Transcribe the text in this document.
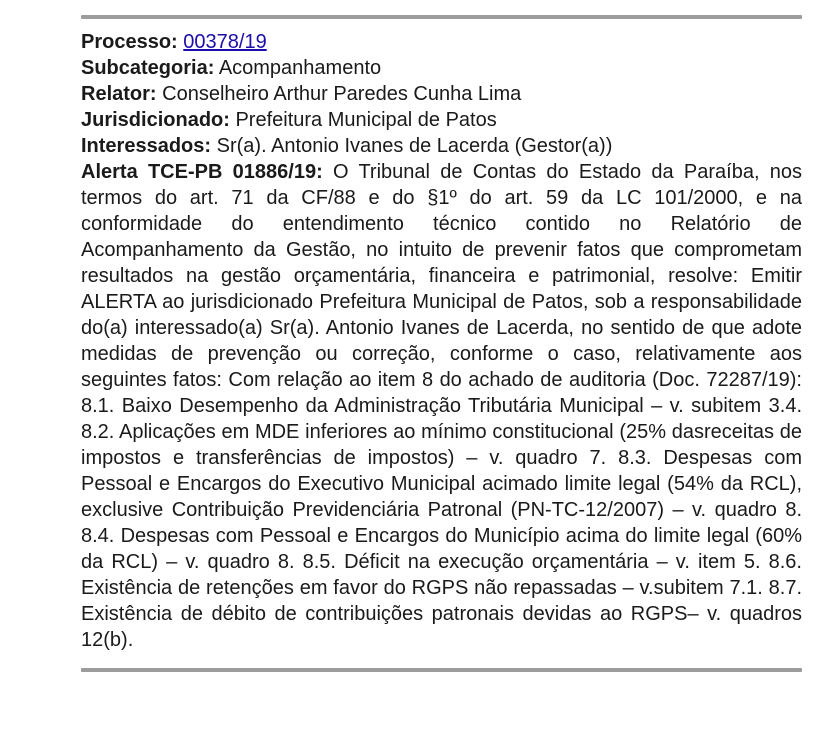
Processo: 00378/19
Subcategoria: Acompanhamento
Relator: Conselheiro Arthur Paredes Cunha Lima
Jurisdicionado: Prefeitura Municipal de Patos
Interessados: Sr(a). Antonio Ivanes de Lacerda (Gestor(a))
Alerta TCE-PB 01886/19: O Tribunal de Contas do Estado da Paraíba, nos termos do art. 71 da CF/88 e do §1º do art. 59 da LC 101/2000, e na conformidade do entendimento técnico contido no Relatório de Acompanhamento da Gestão, no intuito de prevenir fatos que comprometam resultados na gestão orçamentária, financeira e patrimonial, resolve: Emitir ALERTA ao jurisdicionado Prefeitura Municipal de Patos, sob a responsabilidade do(a) interessado(a) Sr(a). Antonio Ivanes de Lacerda, no sentido de que adote medidas de prevenção ou correção, conforme o caso, relativamente aos seguintes fatos: Com relação ao item 8 do achado de auditoria (Doc. 72287/19): 8.1. Baixo Desempenho da Administração Tributária Municipal – v. subitem 3.4. 8.2. Aplicações em MDE inferiores ao mínimo constitucional (25% dasreceitas de impostos e transferências de impostos) – v. quadro 7. 8.3. Despesas com Pessoal e Encargos do Executivo Municipal acimado limite legal (54% da RCL), exclusive Contribuição Previdenciária Patronal (PN-TC-12/2007) – v. quadro 8. 8.4. Despesas com Pessoal e Encargos do Município acima do limite legal (60% da RCL) – v. quadro 8. 8.5. Déficit na execução orçamentária – v. item 5. 8.6. Existência de retenções em favor do RGPS não repassadas – v.subitem 7.1. 8.7. Existência de débito de contribuições patronais devidas ao RGPS– v. quadros 12(b).
